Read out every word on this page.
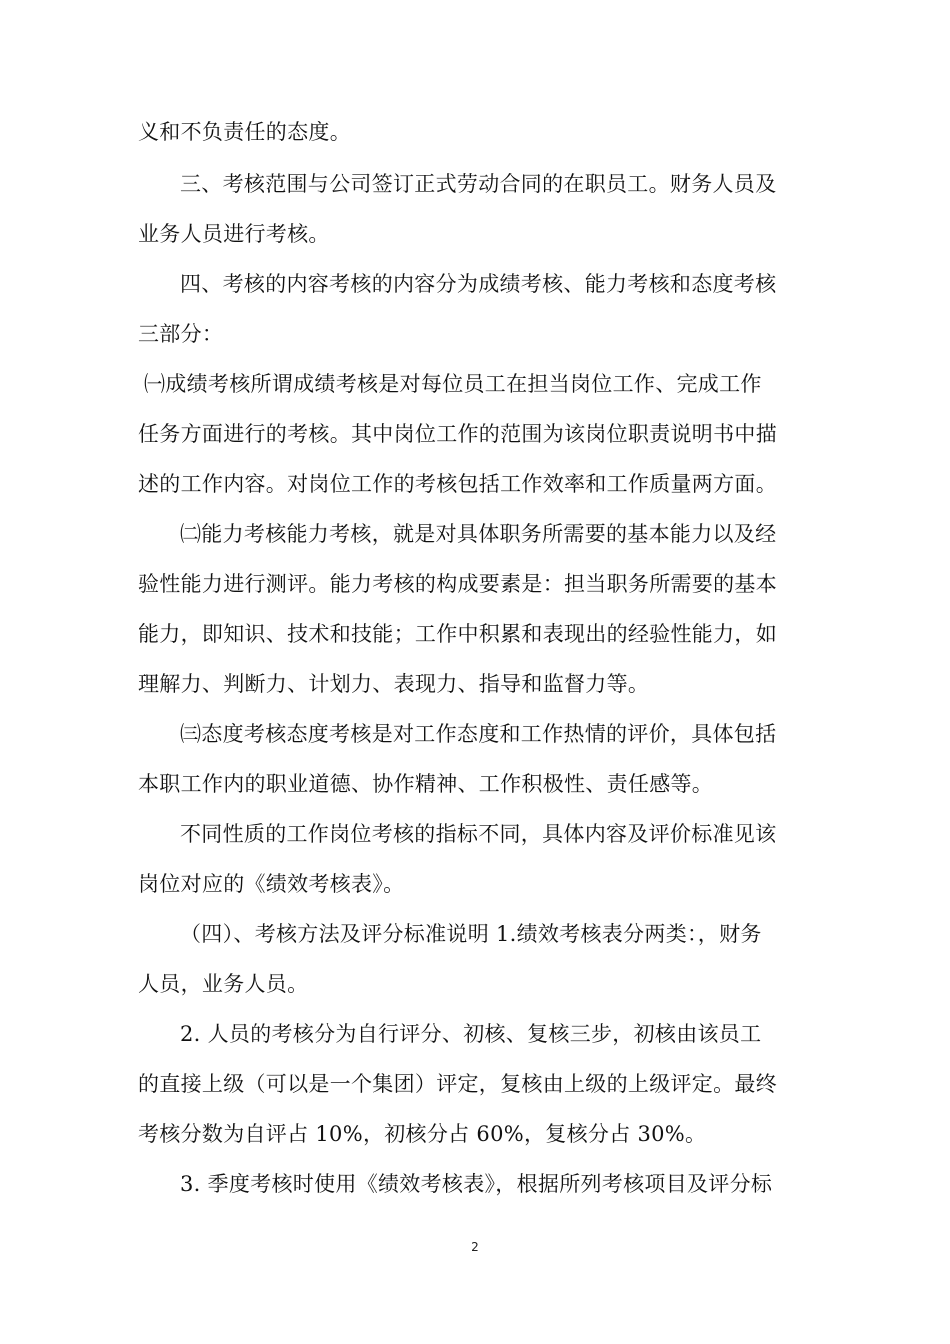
义和不负责任的态度。
三、考核范围与公司签订正式劳动合同的在职员工。财务人员及
业务人员进行考核。
四、考核的内容考核的内容分为成绩考核、能力考核和态度考核
三部分：
㈠成绩考核所谓成绩考核是对每位员工在担当岗位工作、完成工作
任务方面进行的考核。其中岗位工作的范围为该岗位职责说明书中描
述的工作内容。对岗位工作的考核包括工作效率和工作质量两方面。
㈡能力考核能力考核，就是对具体职务所需要的基本能力以及经
验性能力进行测评。能力考核的构成要素是：担当职务所需要的基本
能力，即知识、技术和技能；工作中积累和表现出的经验性能力，如
理解力、判断力、计划力、表现力、指导和监督力等。
㈢态度考核态度考核是对工作态度和工作热情的评价，具体包括
本职工作内的职业道德、协作精神、工作积极性、责任感等。
不同性质的工作岗位考核的指标不同，具体内容及评价标准见该
岗位对应的《绩效考核表》。
（四）、考核方法及评分标准说明 1.绩效考核表分两类：，财务
人员，业务人员。
2. 人员的考核分为自行评分、初核、复核三步，初核由该员工
的直接上级（可以是一个集团）评定，复核由上级的上级评定。最终
考核分数为自评占 10%，初核分占 60%，复核分占 30%。
3. 季度考核时使用《绩效考核表》，根据所列考核项目及评分标
2
